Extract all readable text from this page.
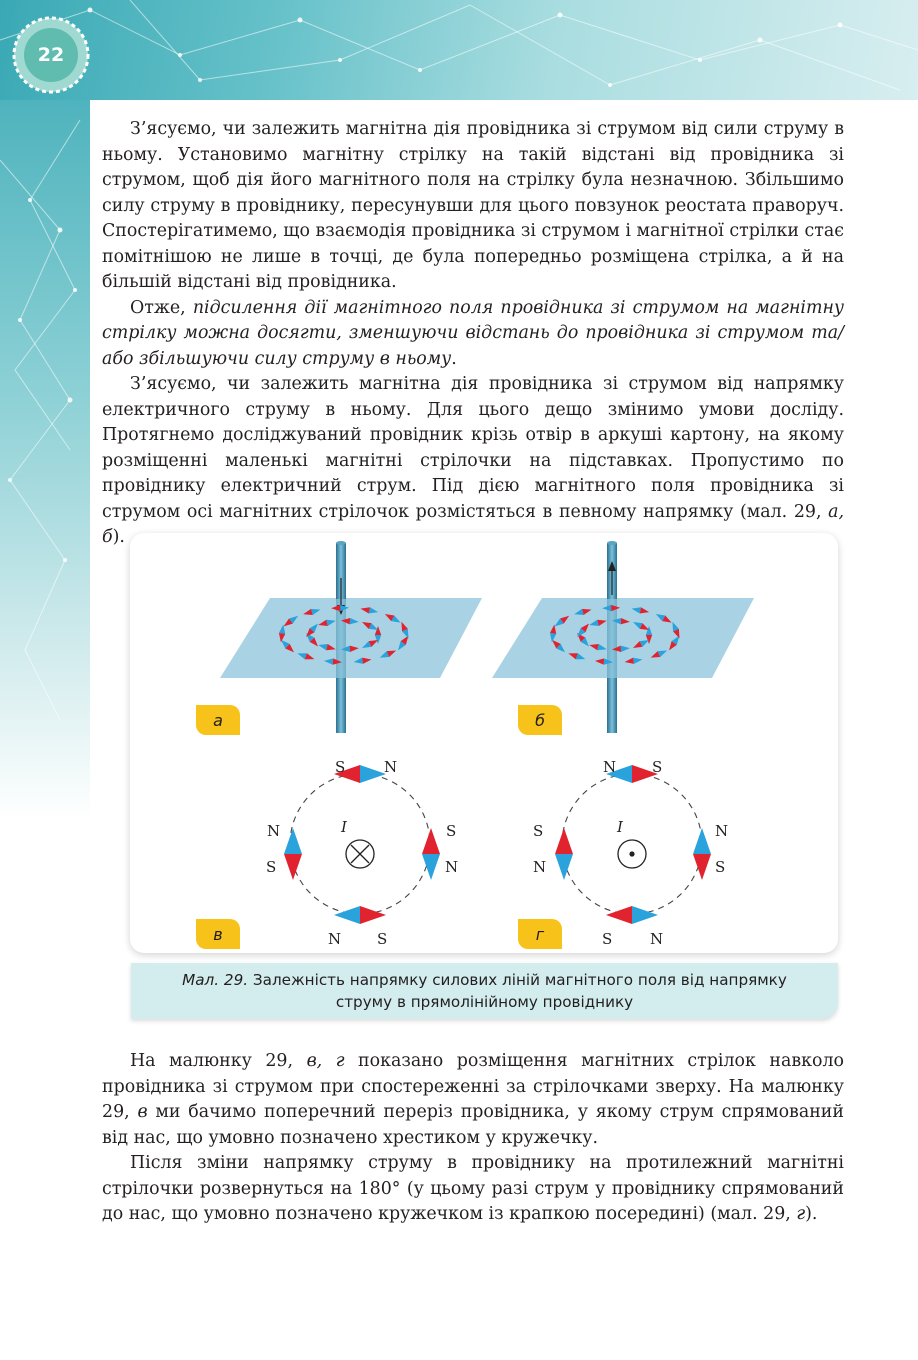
22

З’ясуємо, чи залежить магнітна дія провідника зі струмом від сили струму в ньому. Установимо магнітну стрілку на такій відстані від провідника зі струмом, щоб дія його магнітного поля на стрілку була незначною. Збільшимо силу струму в провіднику, пересунувши для цього повзунок реостата праворуч. Спостерігатимемо, що взаємодія провідника зі струмом і магнітної стрілки стає помітнішою не лише в точці, де була попередньо розміщена стрілка, а й на більшій відстані від провідника.

Отже, підсилення дії магнітного поля провідника зі струмом на магнітну стрілку можна досягти, зменшуючи відстань до провідника зі струмом та/або збільшуючи силу струму в ньому.

З’ясуємо, чи залежить магнітна дія провідника зі струмом від напрямку електричного струму в ньому. Для цього дещо змінимо умови досліду. Протягнемо досліджуваний провідник крізь отвір в аркуші картону, на якому розміщенні маленькі магнітні стрілочки на підставках. Пропустимо по провіднику електричний струм. Під дією магнітного поля провідника зі струмом осі магнітних стрілочок розмістяться в певному напрямку (мал. 29, а, б).

а	б
в	г
S	N
N
S
S
N
N S
I
N S
S
N
N
S
S	N
I
Мал. 29. Залежність напрямку силових ліній магнітного поля від напрямку струму в прямолінійному провіднику

На малюнку 29, в, г показано розміщення магнітних стрілок навколо провідника зі струмом при спостереженні за стрілочками зверху. На малюнку 29, в ми бачимо поперечний переріз провідника, у якому струм спрямований від нас, що умовно позначено хрестиком у кружечку.

Після зміни напрямку струму в провіднику на протилежний магнітні стрілочки розвернуться на 180° (у цьому разі струм у провіднику спрямований до нас, що умовно позначено кружечком із крапкою посередині) (мал. 29, г).
